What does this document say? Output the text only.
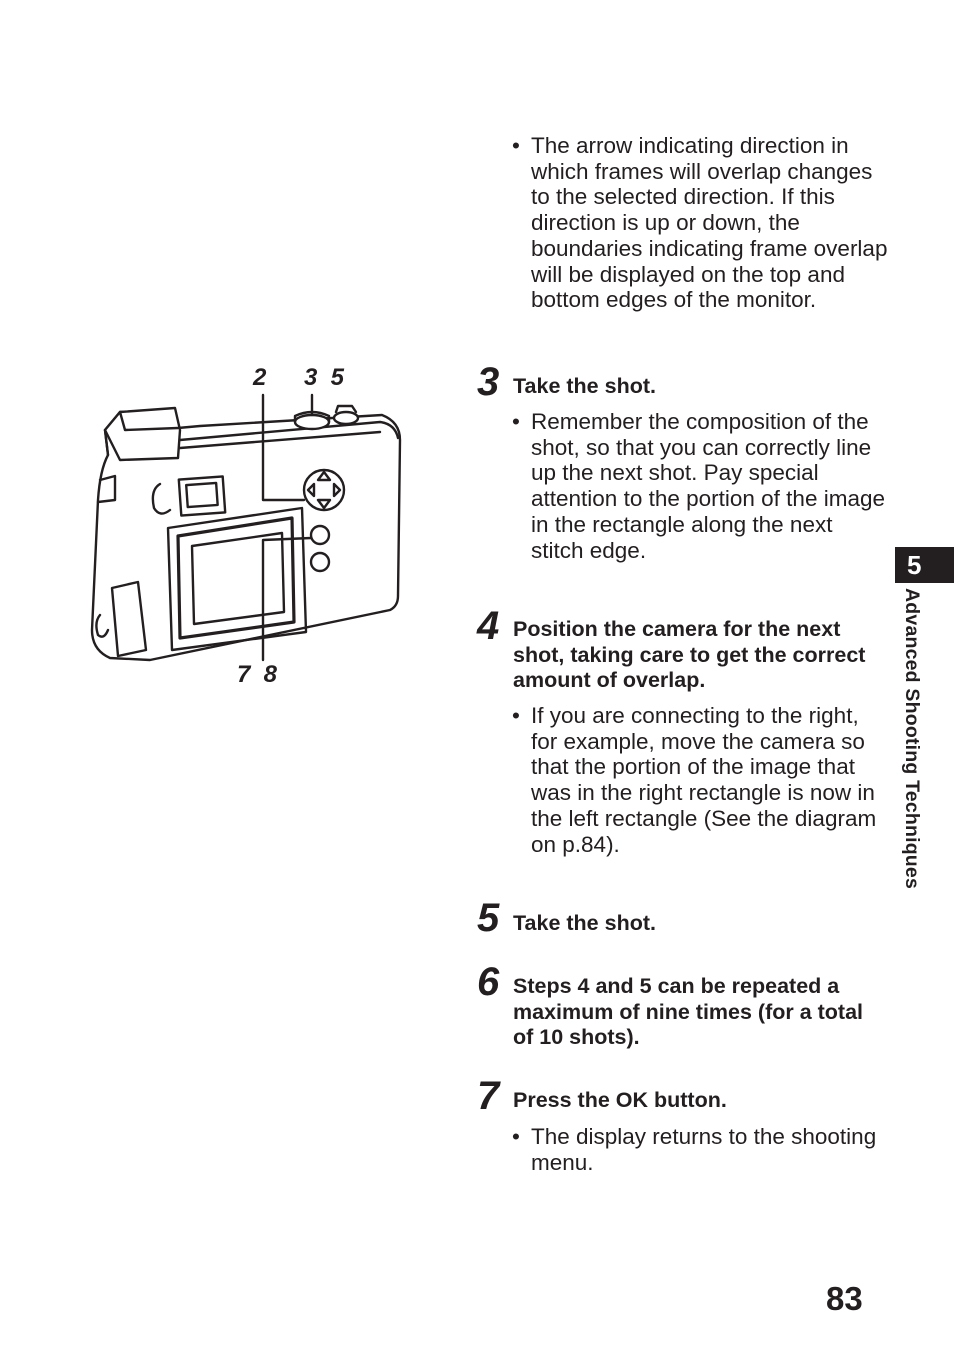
2 3  5
7  8
• The arrow indicating direction in which frames will overlap changes to the selected direction. If this direction is up or down, the boundaries indicating frame overlap will be displayed on the top and bottom edges of the monitor.
3 Take the shot.
• Remember the composition of the shot, so that you can correctly line up the next shot. Pay special attention to the portion of the image in the rectangle along the next stitch edge.
4 Position the camera for the next shot, taking care to get the correct amount of overlap.
• If you are connecting to the right, for example, move the camera so that the portion of the image that was in the right rectangle is now in the left rectangle (See the diagram on p.84).
5 Take the shot.
6 Steps 4 and 5 can be repeated a maximum of nine times (for a total of 10 shots).
7 Press the OK button.
• The display returns to the shooting menu.
5
Advanced Shooting Techniques
83
